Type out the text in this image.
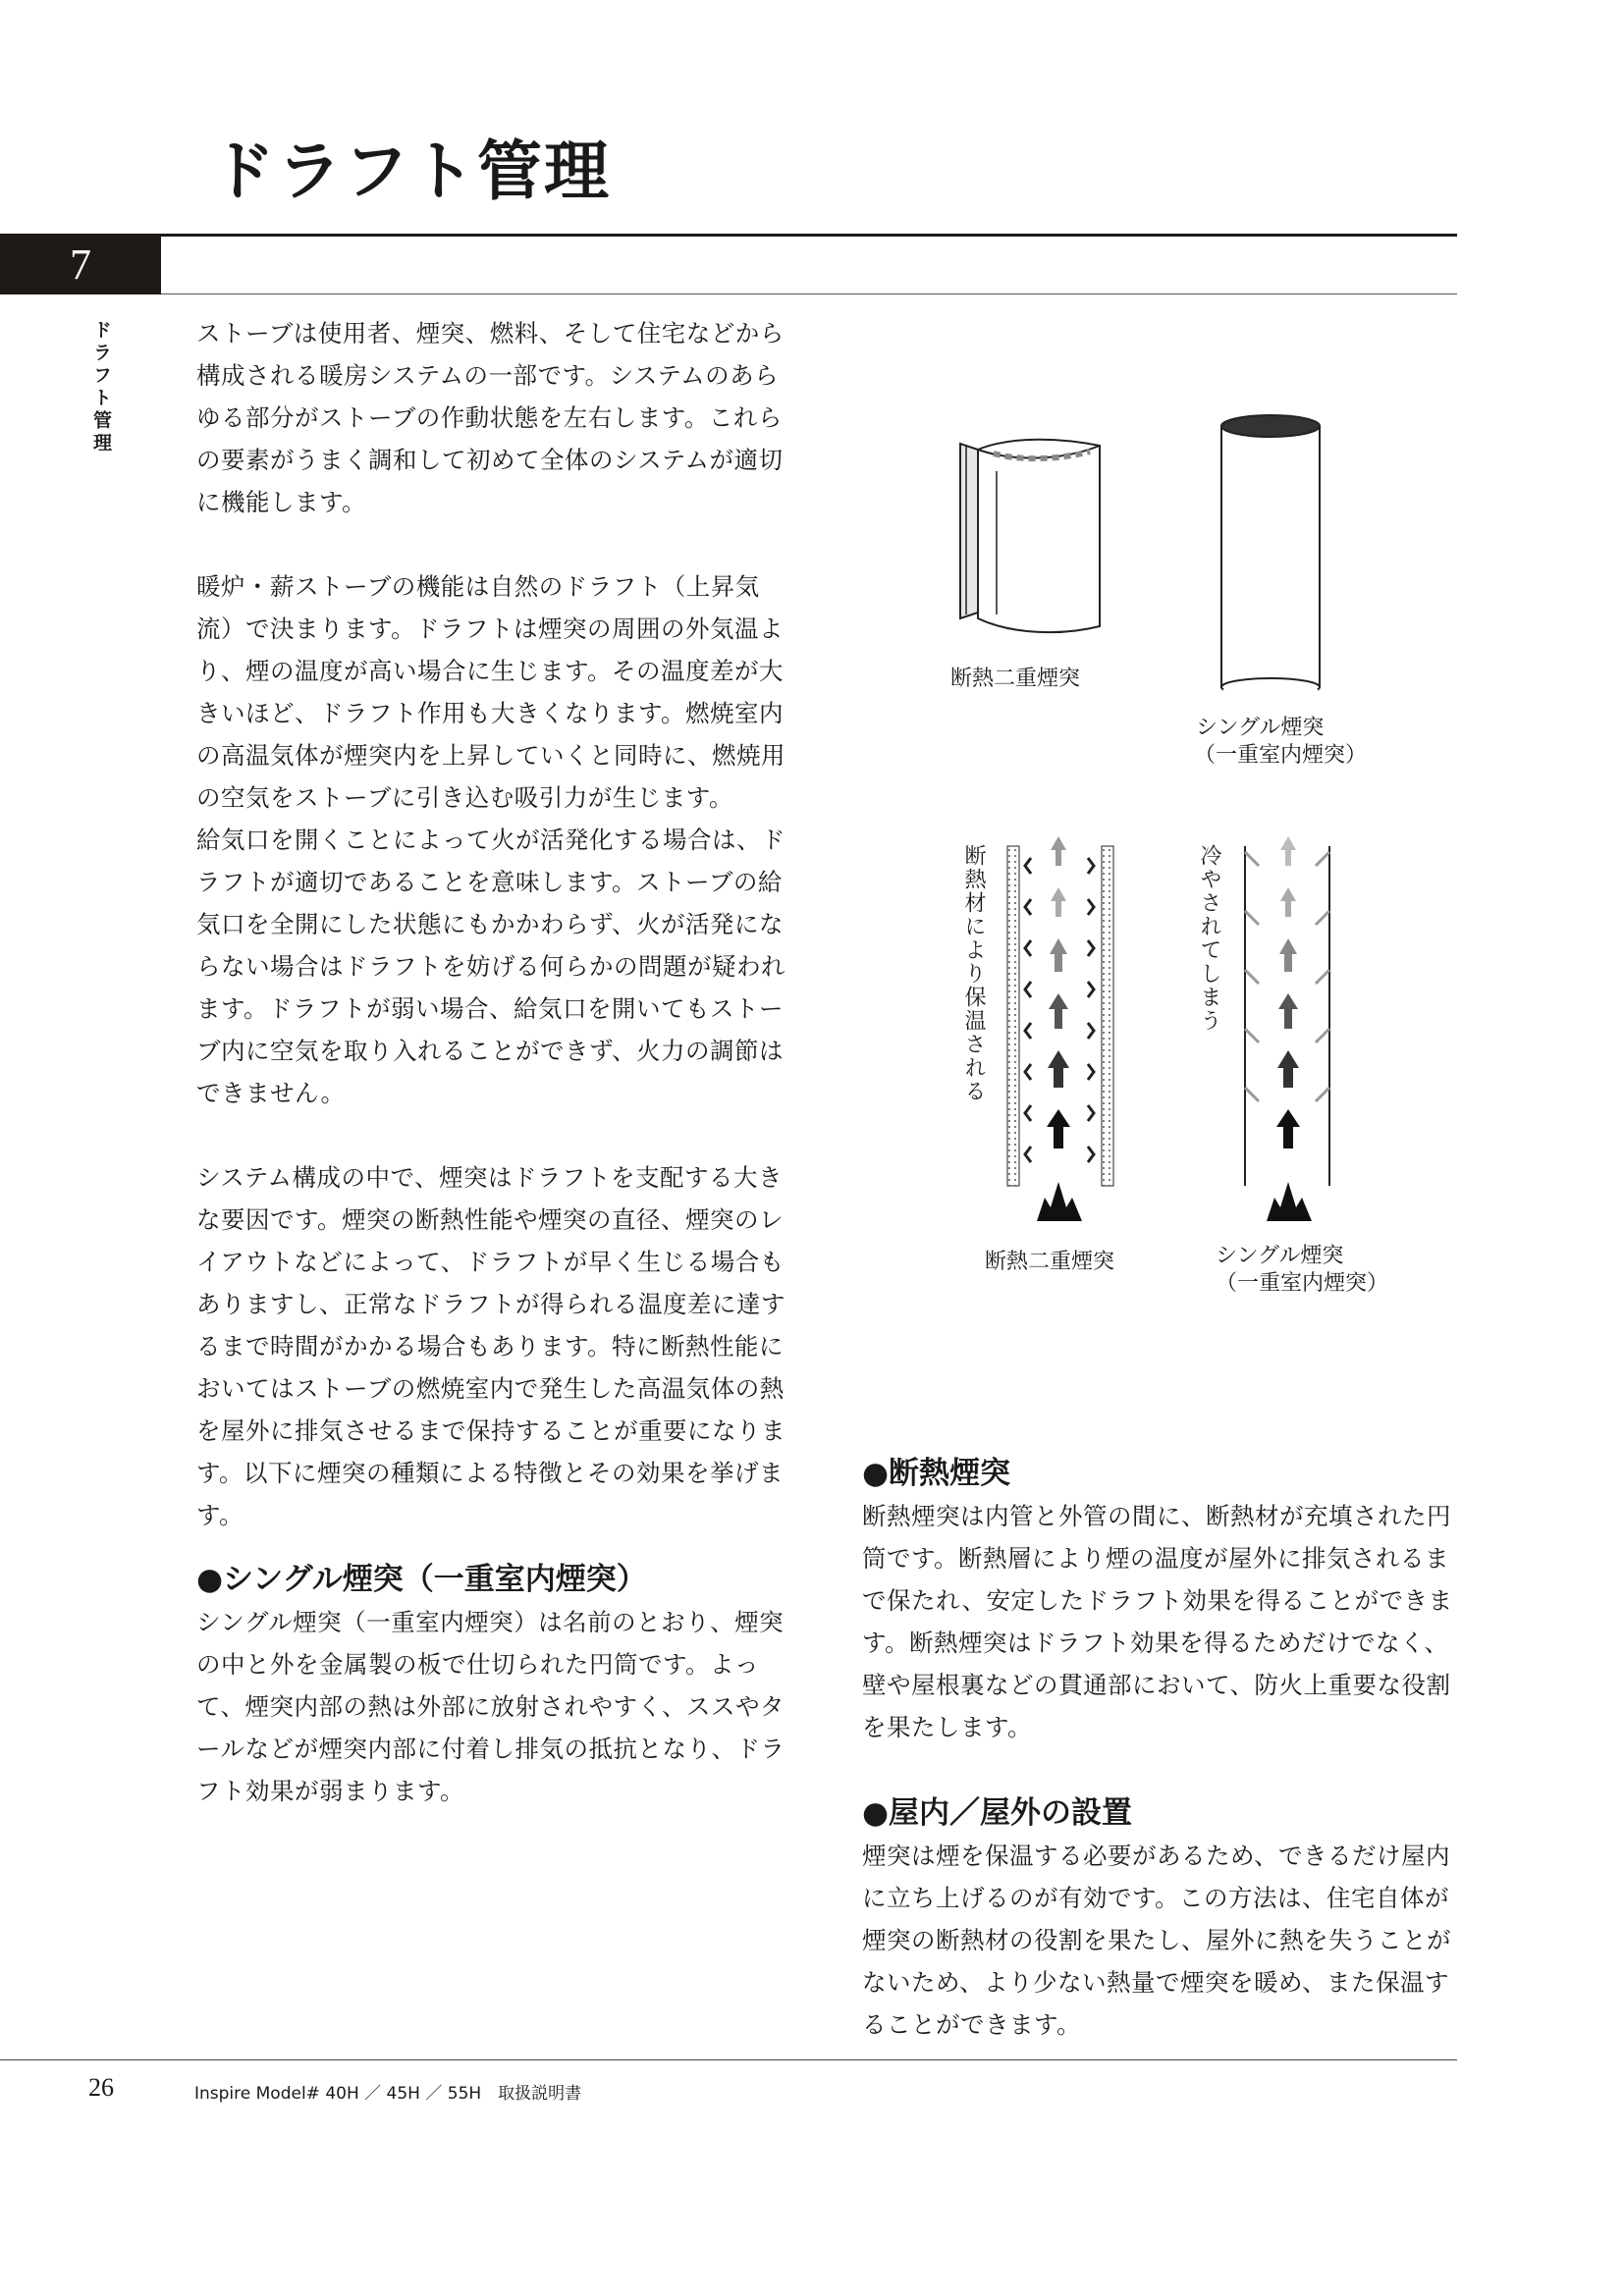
ドラフト管理
7
ドラフト管理	ストーブは使用者、煙突、燃料、そして住宅などから構成される暖房システムの一部です。システムのあらゆる部分がストーブの作動状態を左右します。これらの要素がうまく調和して初めて全体のシステムが適切に機能します。

暖炉・薪ストーブの機能は自然のドラフト（上昇気流）で決まります。ドラフトは煙突の周囲の外気温より、煙の温度が高い場合に生じます。その温度差が大きいほど、ドラフト作用も大きくなります。燃焼室内の高温気体が煙突内を上昇していくと同時に、燃焼用の空気をストーブに引き込む吸引力が生じます。

給気口を開くことによって火が活発化する場合は、ドラフトが適切であることを意味します。ストーブの給気口を全開にした状態にもかかわらず、火が活発にならない場合はドラフトを妨げる何らかの問題が疑われます。ドラフトが弱い場合、給気口を開いてもストーブ内に空気を取り入れることができず、火力の調節はできません。

システム構成の中で、煙突はドラフトを支配する大きな要因です。煙突の断熱性能や煙突の直径、煙突のレイアウトなどによって、ドラフトが早く生じる場合もありますし、正常なドラフトが得られる温度差に達するまで時間がかかる場合もあります。特に断熱性能においてはストーブの燃焼室内で発生した高温気体の熱を屋外に排気させるまで保持することが重要になります。以下に煙突の種類による特徴とその効果を挙げます。

●シングル煙突（一重室内煙突）

シングル煙突（一重室内煙突）は名前のとおり、煙突の中と外を金属製の板で仕切られた円筒です。よって、煙突内部の熱は外部に放射されやすく、ススやタールなどが煙突内部に付着し排気の抵抗となり、ドラフト効果が弱まります。

●断熱煙突

断熱煙突は内管と外管の間に、断熱材が充填された円筒です。断熱層により煙の温度が屋外に排気されるまで保たれ、安定したドラフト効果を得ることができます。断熱煙突はドラフト効果を得るためだけでなく、壁や屋根裏などの貫通部において、防火上重要な役割を果たします。

●屋内／屋外の設置

煙突は煙を保温する必要があるため、できるだけ屋内に立ち上げるのが有効です。この方法は、住宅自体が煙突の断熱材の役割を果たし、屋外に熱を失うことがないため、より少ない熱量で煙突を暖め、また保温することができます。

断熱二重煙突
シングル煙突
（一重室内煙突）
断熱材により保温される
断熱二重煙突
冷やされてしまう
シングル煙突
（一重室内煙突）
26	Inspire Model# 40H ／ 45H ／ 55H　取扱説明書
